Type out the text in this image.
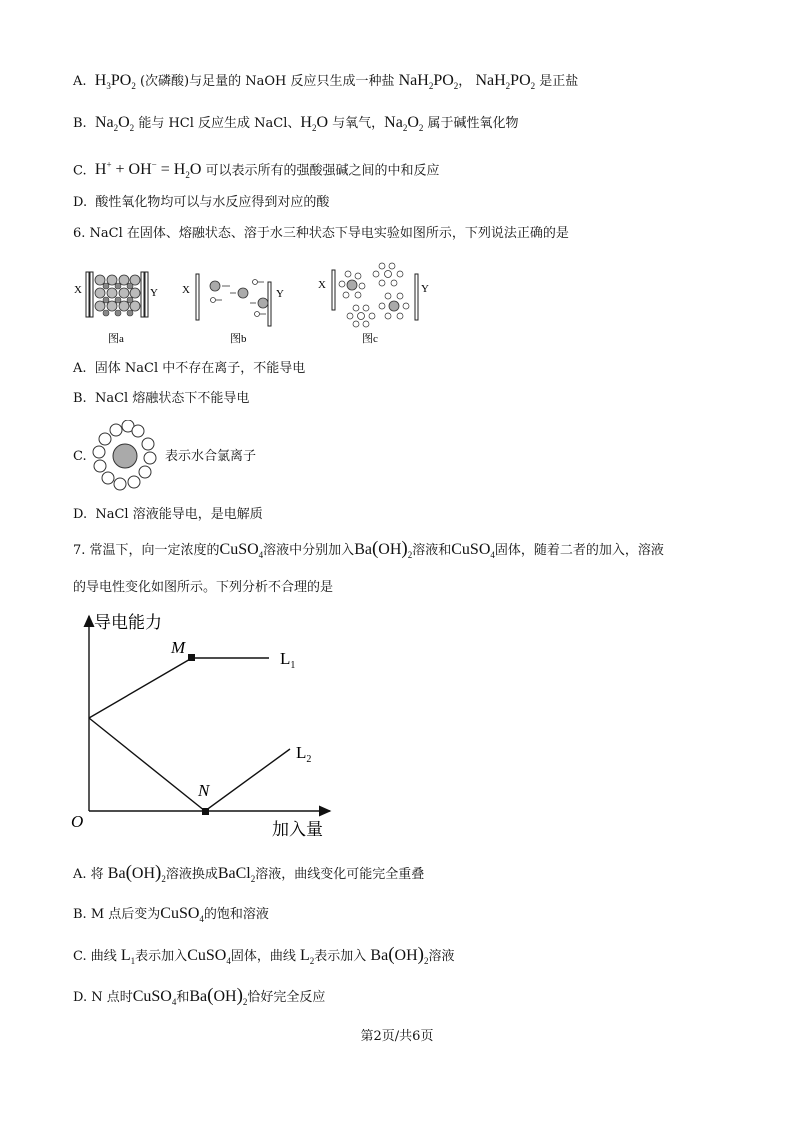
A. $H_3PO_2$ (次磷酸)与足量的 NaOH 反应只生成一种盐 $NaH_2PO_2$， $NaH_2PO_2$ 是正盐
B. $Na_2O_2$ 能与 HCl 反应生成 NaCl、$H_2O$ 与氧气，$Na_2O_2$ 属于碱性氧化物
C. $H^+ + OH^- = H_2O$ 可以表示所有的强酸强碱之间的中和反应
D. 酸性氧化物均可以与水反应得到对应的酸
6. NaCl 在固体、熔融状态、溶于水三种状态下导电实验如图所示，下列说法正确的是
X	Y
图a
X	Y
图b
X	Y
图c
A. 固体 NaCl 中不存在离子，不能导电
B. NaCl 熔融状态下不能导电
C.	表示水合氯离子
D. NaCl 溶液能导电，是电解质
7. 常温下，向一定浓度的CuSO$_4$溶液中分别加入$Ba(OH)_2$溶液和CuSO$_4$固体，随着二者的加入，溶液
的导电性变化如图所示。下列分析不合理的是
导电能力
加入量
O
M
N
$L_1$
$L_2$
A. 将 $Ba(OH)_2$溶液换成BaCl$_2$溶液，曲线变化可能完全重叠
B. M 点后变为CuSO$_4$的饱和溶液
C. 曲线 $L_1$表示加入CuSO$_4$固体，曲线 $L_2$表示加入 $Ba(OH)_2$溶液
D. N 点时CuSO$_4$和$Ba(OH)_2$恰好完全反应
第2页/共6页
